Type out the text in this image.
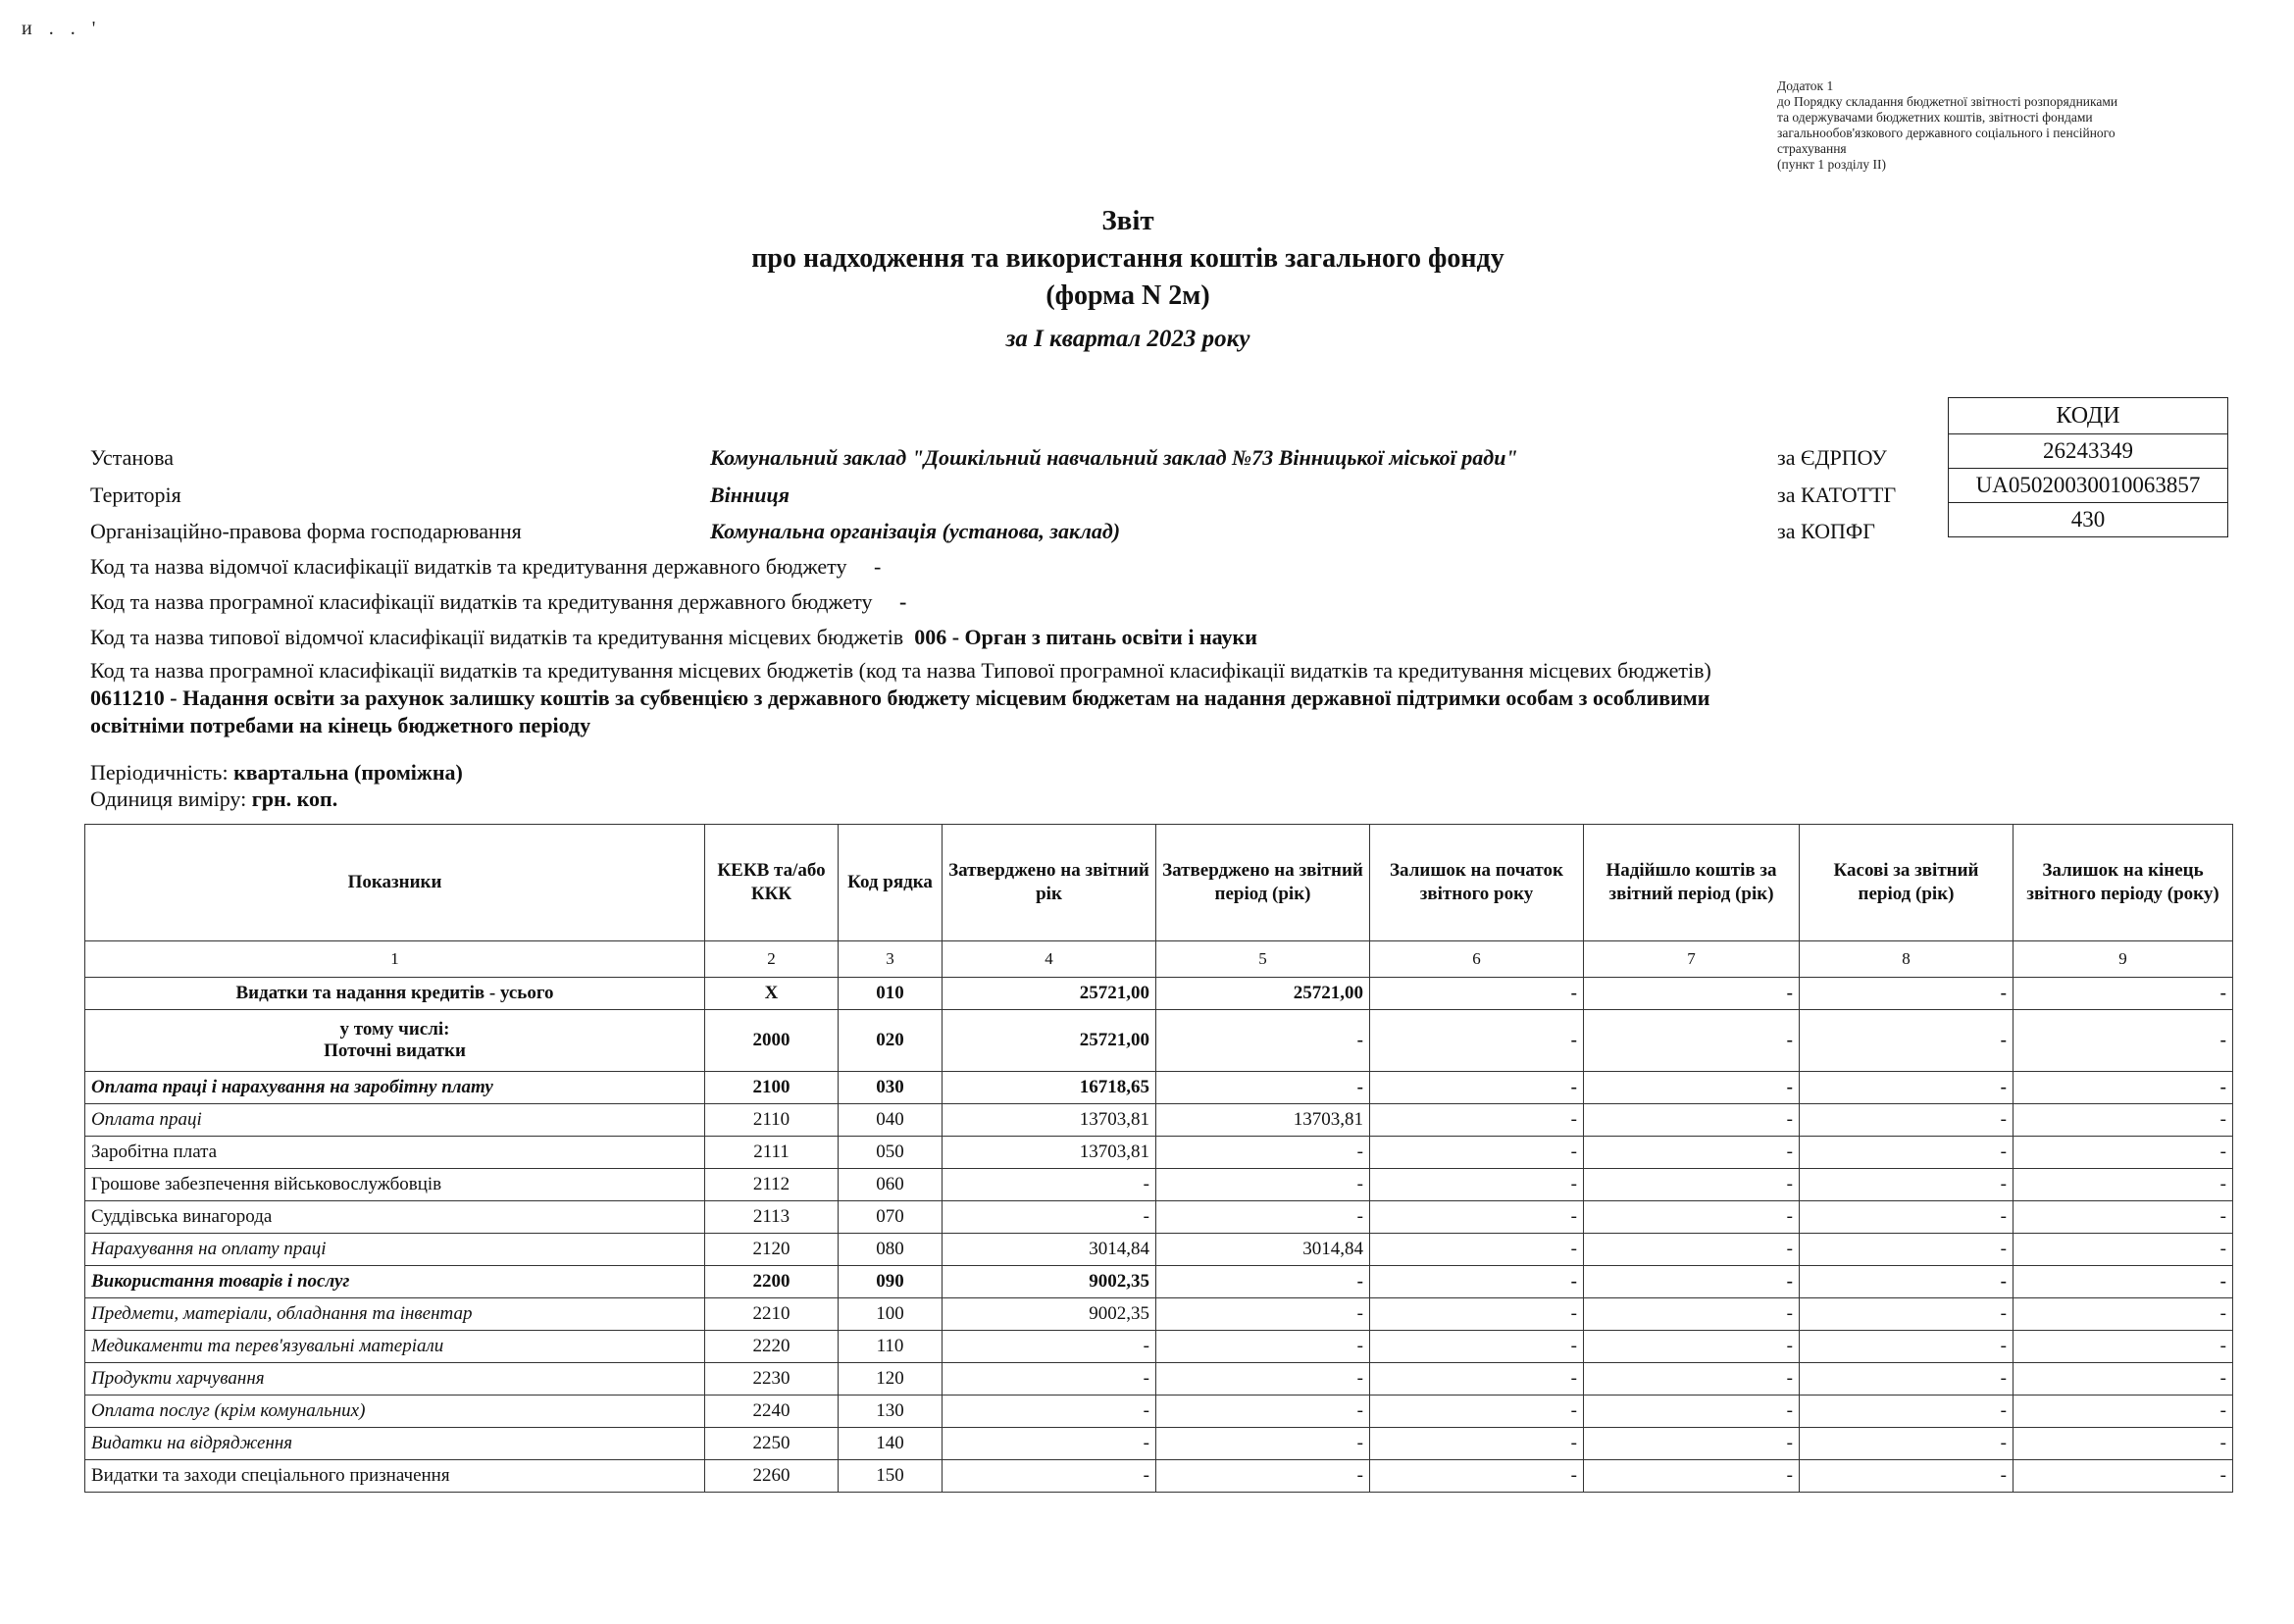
и . . '
Додаток 1
до Порядку складання бюджетної звітності розпорядниками
та одержувачами бюджетних коштів, звітності фондами
загальнообов'язкового державного соціального і пенсійного
страхування
(пункт 1 розділу II)
Звіт
про надходження та використання коштів загального фонду
(форма N 2м)
за I квартал 2023 року
КОДИ
26243349
UA05020030010063857
430
Установа	Комунальний заклад "Дошкільний навчальний заклад №73 Вінницької міської ради"	за ЄДРПОУ
Територія	Вінниця	за КАТОТТГ
Організаційно-правова форма господарювання	Комунальна організація (установа, заклад)	за КОПФГ
Код та назва відомчої класифікації видатків та кредитування державного бюджету -
Код та назва програмної класифікації видатків та кредитування державного бюджету -
Код та назва типової відомчої класифікації видатків та кредитування місцевих бюджетів 006 - Орган з питань освіти і науки
Код та назва програмної класифікації видатків та кредитування місцевих бюджетів (код та назва Типової програмної класифікації видатків та кредитування місцевих бюджетів) 0611210 - Надання освіти за рахунок залишку коштів за субвенцією з державного бюджету місцевим бюджетам на надання державної підтримки особам з особливими освітніми потребами на кінець бюджетного періоду
Періодичність: квартальна (проміжна)
Одиниця виміру: грн. коп.
Показники	КЕКВ та/або ККК	Код рядка	Затверджено на звітний рік	Затверджено на звітний період (рік)	Залишок на початок звітного року	Надійшло коштів за звітний період (рік)	Касові за звітний період (рік)	Залишок на кінець звітного періоду (року)
1	2	3	4	5	6	7	8	9
Видатки та надання кредитів - усього	X	010	25721,00	25721,00	-	-	-	-
у тому числі:
Поточні видатки	2000	020	25721,00	-	-	-	-	-
Оплата праці і нарахування на заробітну плату	2100	030	16718,65	-	-	-	-	-
Оплата праці	2110	040	13703,81	13703,81	-	-	-	-
Заробітна плата	2111	050	13703,81	-	-	-	-	-
Грошове забезпечення військовослужбовців	2112	060	-	-	-	-	-	-
Суддівська винагорода	2113	070	-	-	-	-	-	-
Нарахування на оплату праці	2120	080	3014,84	3014,84	-	-	-	-
Використання товарів і послуг	2200	090	9002,35	-	-	-	-	-
Предмети, матеріали, обладнання та інвентар	2210	100	9002,35	-	-	-	-	-
Медикаменти та перев'язувальні матеріали	2220	110	-	-	-	-	-	-
Продукти харчування	2230	120	-	-	-	-	-	-
Оплата послуг (крім комунальних)	2240	130	-	-	-	-	-	-
Видатки на відрядження	2250	140	-	-	-	-	-	-
Видатки та заходи спеціального призначення	2260	150	-	-	-	-	-	-
